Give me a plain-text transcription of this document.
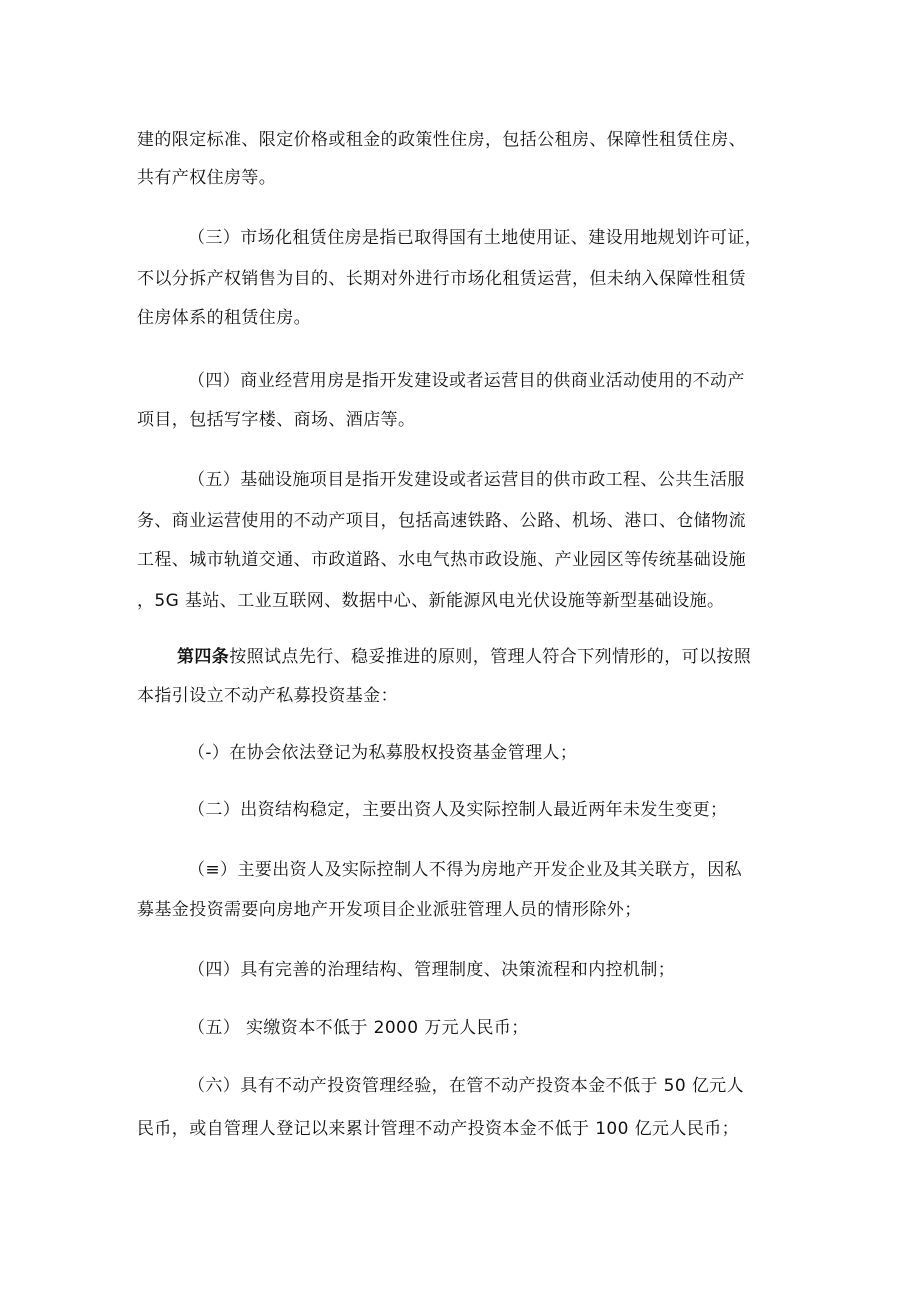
建的限定标准、限定价格或租金的政策性住房，包括公租房、保障性租赁住房、
共有产权住房等。
（三）市场化租赁住房是指已取得国有土地使用证、建设用地规划许可证，
不以分拆产权销售为目的、长期对外进行市场化租赁运营，但未纳入保障性租赁
住房体系的租赁住房。
（四）商业经营用房是指开发建设或者运营目的供商业活动使用的不动产
项目，包括写字楼、商场、酒店等。
（五）基础设施项目是指开发建设或者运营目的供市政工程、公共生活服
务、商业运营使用的不动产项目，包括高速铁路、公路、机场、港口、仓储物流
工程、城市轨道交通、市政道路、水电气热市政设施、产业园区等传统基础设施
，5G 基站、工业互联网、数据中心、新能源风电光伏设施等新型基础设施。
第四条按照试点先行、稳妥推进的原则，管理人符合下列情形的，可以按照
本指引设立不动产私募投资基金：
（-）在协会依法登记为私募股权投资基金管理人；
（二）出资结构稳定，主要出资人及实际控制人最近两年未发生变更；
（≡）主要出资人及实际控制人不得为房地产开发企业及其关联方，因私
募基金投资需要向房地产开发项目企业派驻管理人员的情形除外；
（四）具有完善的治理结构、管理制度、决策流程和内控机制；
（五） 实缴资本不低于 2000 万元人民币；
（六）具有不动产投资管理经验，在管不动产投资本金不低于 50 亿元人
民币，或自管理人登记以来累计管理不动产投资本金不低于 100 亿元人民币；
